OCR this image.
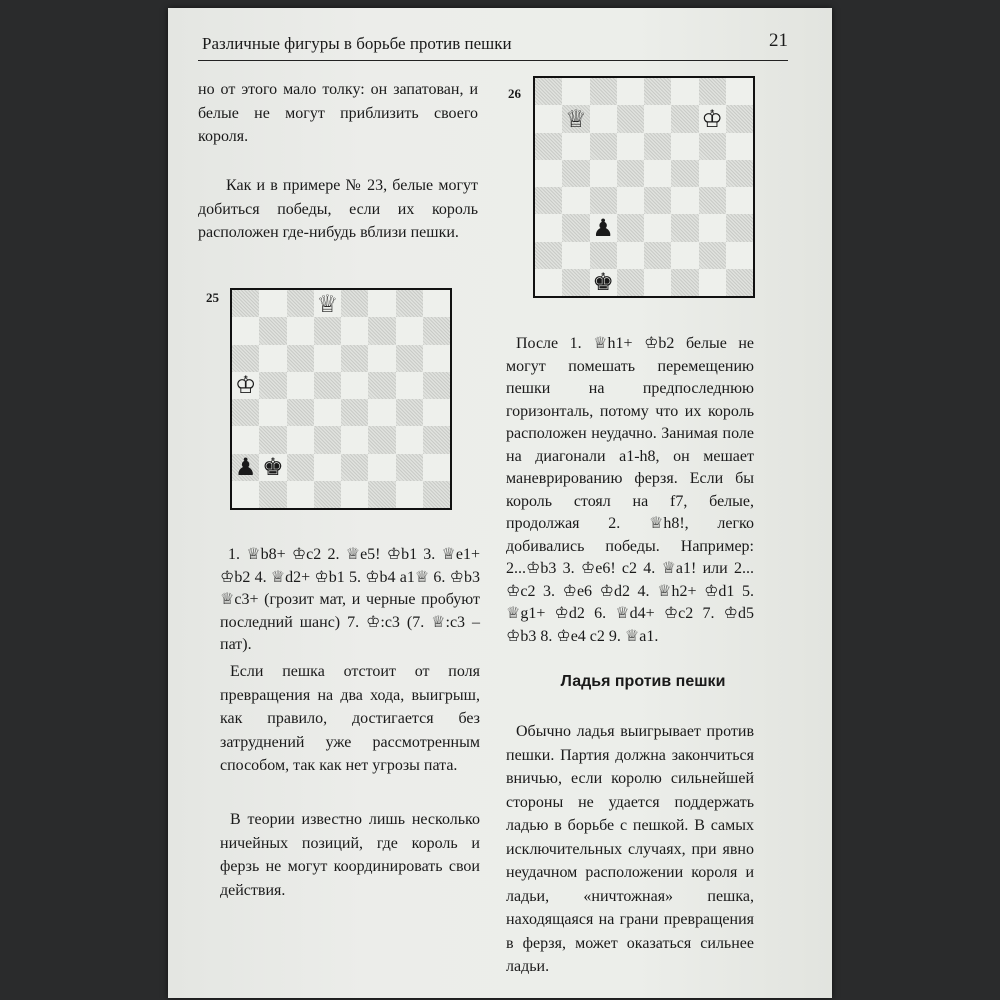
Различные фигуры в борьбе против пешки	21

но от этого мало толку: он запатован, и белые не могут приблизить своего короля.

Как и в примере № 23, белые могут добиться победы, если их король расположен где-нибудь вблизи пешки.

25	♕
♔
♟ ♚

1. ♕b8+ ♔c2 2. ♕e5! ♔b1 3. ♕e1+ ♔b2 4. ♕d2+ ♔b1 5. ♔b4 a1♕ 6. ♔b3 ♕c3+ (грозит мат, и черные пробуют последний шанс) 7. ♔:c3 (7. ♕:c3 – пат).

Если пешка отстоит от поля превращения на два хода, выигрыш, как правило, достигается без затруднений уже рассмотренным способом, так как нет угрозы пата.

В теории известно лишь несколько ничейных позиций, где король и ферзь не могут координировать свои действия.

26
♕	♔
♟
♚

После 1. ♕h1+ ♔b2 белые не могут помешать перемещению пешки на предпоследнюю горизонталь, потому что их король расположен неудачно. Занимая поле на диагонали a1-h8, он мешает маневрированию ферзя. Если бы король стоял на f7, белые, продолжая 2. ♕h8!, легко добивались победы. Например: 2...♔b3 3. ♔e6! c2 4. ♕a1! или 2... ♔c2 3. ♔e6 ♔d2 4. ♕h2+ ♔d1 5. ♕g1+ ♔d2 6. ♕d4+ ♔c2 7. ♔d5 ♔b3 8. ♔e4 c2 9. ♕a1.

Ладья против пешки

Обычно ладья выигрывает против пешки. Партия должна закончиться вничью, если королю сильнейшей стороны не удается поддержать ладью в борьбе с пешкой. В самых исключительных случаях, при явно неудачном расположении короля и ладьи, «ничтожная» пешка, находящаяся на грани превращения в ферзя, может оказаться сильнее ладьи.
